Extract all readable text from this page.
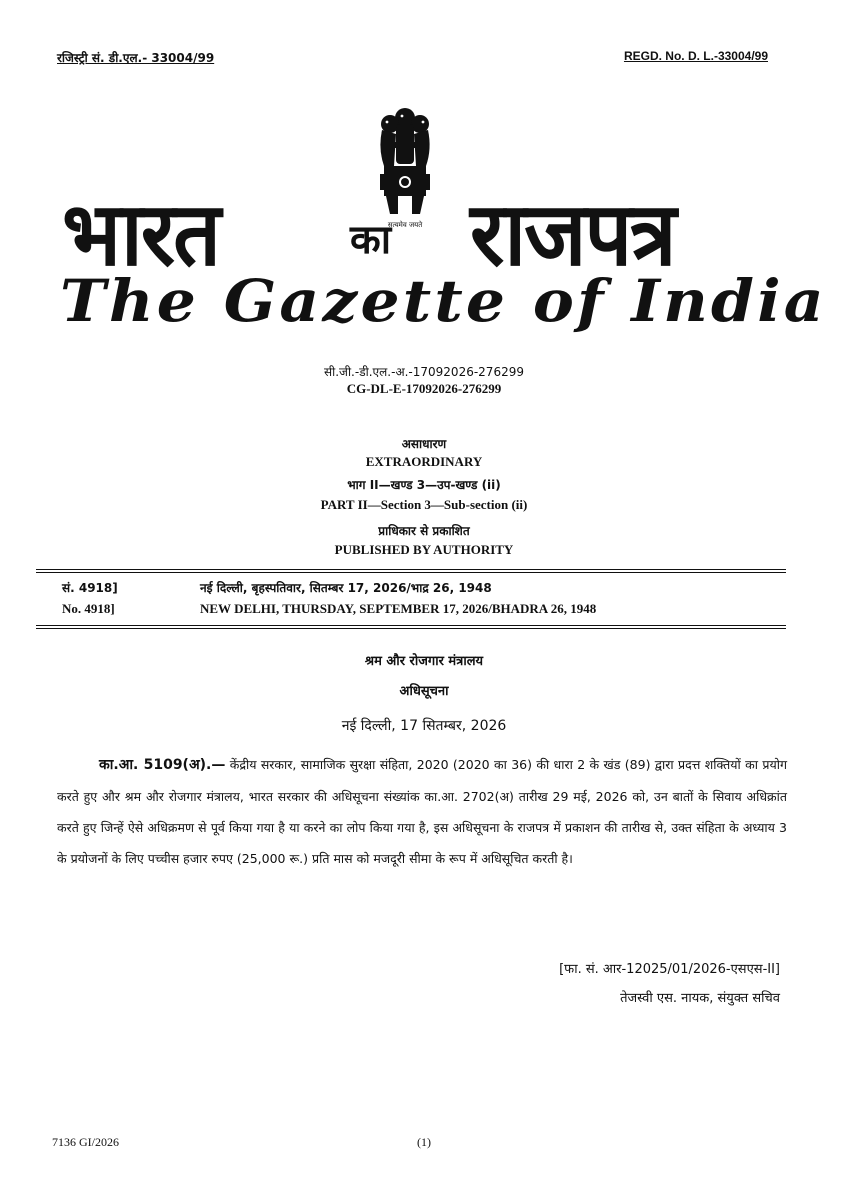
रजिस्ट्री सं. डी.एल.- 33004/99	REGD. No. D. L.-33004/99
सत्यमेव जयते
भारत	का राजपत्र
The Gazette of India
सी.जी.-डी.एल.-अ.-17092026-276299
CG-DL-E-17092026-276299
असाधारण
EXTRAORDINARY
भाग II—खण्ड 3—उप-खण्ड (ii)
PART II—Section 3—Sub-section (ii)
प्राधिकार से प्रकाशित
PUBLISHED BY AUTHORITY
सं. 4918]	नई दिल्ली, बृहस्पतिवार, सितम्बर 17, 2026/भाद्र 26, 1948
No. 4918]	NEW DELHI, THURSDAY, SEPTEMBER 17, 2026/BHADRA 26, 1948
श्रम और रोजगार मंत्रालय
अधिसूचना
नई दिल्ली, 17 सितम्बर, 2026
का.आ. 5109(अ).— केंद्रीय सरकार, सामाजिक सुरक्षा संहिता, 2020 (2020 का 36) की धारा 2 के खंड (89) द्वारा प्रदत्त शक्तियों का प्रयोग करते हुए और श्रम और रोजगार मंत्रालय, भारत सरकार की अधिसूचना संख्यांक का.आ. 2702(अ) तारीख 29 मई, 2026 को, उन बातों के सिवाय अधिक्रांत करते हुए जिन्हें ऐसे अधिक्रमण से पूर्व किया गया है या करने का लोप किया गया है, इस अधिसूचना के राजपत्र में प्रकाशन की तारीख से, उक्त संहिता के अध्याय 3 के प्रयोजनों के लिए पच्चीस हजार रुपए (25,000 रू.) प्रति मास को मजदूरी सीमा के रूप में अधिसूचित करती है।
[फा. सं. आर-12025/01/2026-एसएस-II]
तेजस्वी एस. नायक, संयुक्त सचिव
7136 GI/2026	(1)
